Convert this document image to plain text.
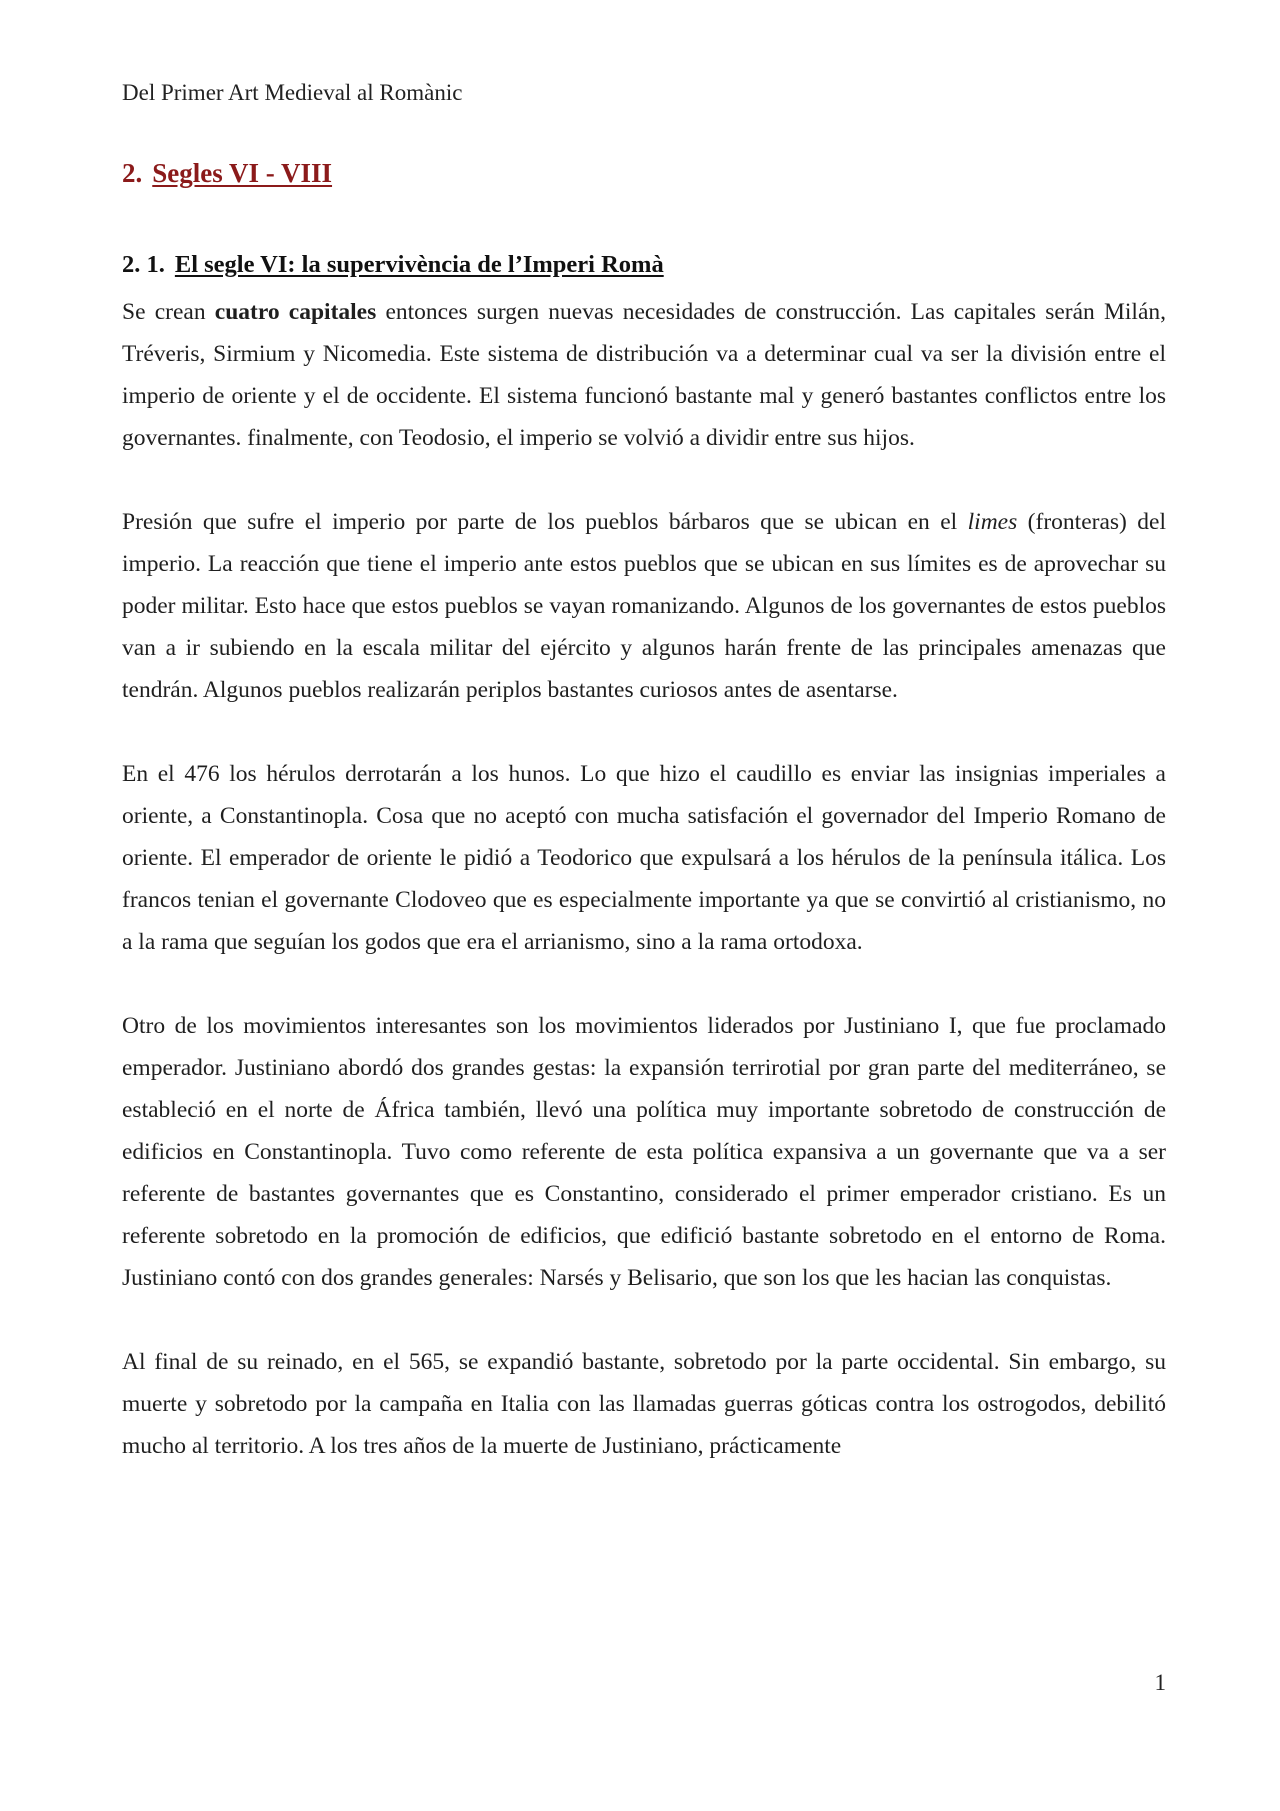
Del Primer Art Medieval al Romànic
2. Segles VI - VIII
2. 1. El segle VI: la supervivència de l’Imperi Romà

Se crean cuatro capitales entonces surgen nuevas necesidades de construcción. Las capitales serán Milán, Tréveris, Sirmium y Nicomedia. Este sistema de distribución va a determinar cual va ser la división entre el imperio de oriente y el de occidente. El sistema funcionó bastante mal y generó bastantes conflictos entre los governantes. finalmente, con Teodosio, el imperio se volvió a dividir entre sus hijos.

Presión que sufre el imperio por parte de los pueblos bárbaros que se ubican en el limes (fronteras) del imperio. La reacción que tiene el imperio ante estos pueblos que se ubican en sus límites es de aprovechar su poder militar. Esto hace que estos pueblos se vayan romanizando. Algunos de los governantes de estos pueblos van a ir subiendo en la escala militar del ejército y algunos harán frente de las principales amenazas que tendrán. Algunos pueblos realizarán periplos bastantes curiosos antes de asentarse.

En el 476 los hérulos derrotarán a los hunos. Lo que hizo el caudillo es enviar las insignias imperiales a oriente, a Constantinopla. Cosa que no aceptó con mucha satisfación el governador del Imperio Romano de oriente. El emperador de oriente le pidió a Teodorico que expulsará a los hérulos de la península itálica. Los francos tenian el governante Clodoveo que es especialmente importante ya que se convirtió al cristianismo, no a la rama que seguían los godos que era el arrianismo, sino a la rama ortodoxa.

Otro de los movimientos interesantes son los movimientos liderados por Justiniano I, que fue proclamado emperador. Justiniano abordó dos grandes gestas: la expansión terrirotial por gran parte del mediterráneo, se estableció en el norte de África también, llevó una política muy importante sobretodo de construcción de edificios en Constantinopla. Tuvo como referente de esta política expansiva a un governante que va a ser referente de bastantes governantes que es Constantino, considerado el primer emperador cristiano. Es un referente sobretodo en la promoción de edificios, que edifició bastante sobretodo en el entorno de Roma. Justiniano contó con dos grandes generales: Narsés y Belisario, que son los que les hacian las conquistas.

Al final de su reinado, en el 565, se expandió bastante, sobretodo por la parte occidental. Sin embargo, su muerte y sobretodo por la campaña en Italia con las llamadas guerras góticas contra los ostrogodos, debilitó mucho al territorio. A los tres años de la muerte de Justiniano, prácticamente

1
